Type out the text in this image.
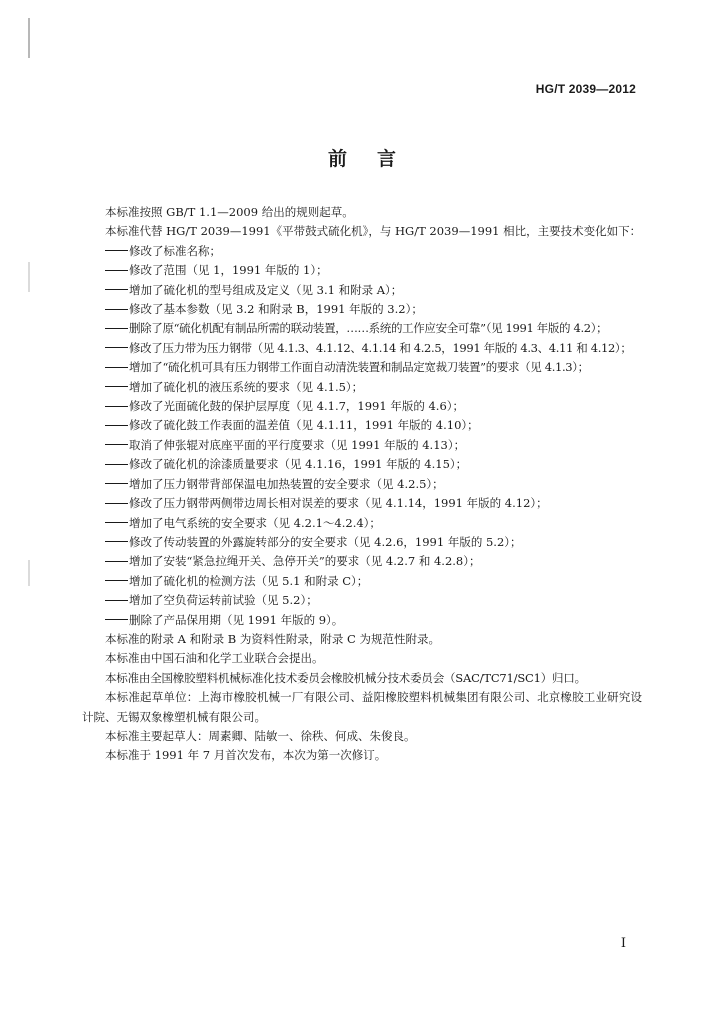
HG/T 2039—2012
前 言

本标准按照 GB/T 1.1—2009 给出的规则起草。

本标准代替 HG/T 2039—1991《平带鼓式硫化机》，与 HG/T 2039—1991 相比，主要技术变化如下：

修改了标准名称；

修改了范围（见 1，1991 年版的 1）；

增加了硫化机的型号组成及定义（见 3.1 和附录 A）；

修改了基本参数（见 3.2 和附录 B，1991 年版的 3.2）；

删除了原“硫化机配有制品所需的联动装置，……系统的工作应安全可靠”（见 1991 年版的 4.2）；

修改了压力带为压力钢带（见 4.1.3、4.1.12、4.1.14 和 4.2.5，1991 年版的 4.3、4.11 和 4.12）；

增加了“硫化机可具有压力钢带工作面自动清洗装置和制品定宽裁刀装置”的要求（见 4.1.3）；

增加了硫化机的液压系统的要求（见 4.1.5）；

修改了光面硫化鼓的保护层厚度（见 4.1.7，1991 年版的 4.6）；

修改了硫化鼓工作表面的温差值（见 4.1.11，1991 年版的 4.10）；

取消了伸张辊对底座平面的平行度要求（见 1991 年版的 4.13）；

修改了硫化机的涂漆质量要求（见 4.1.16，1991 年版的 4.15）；

增加了压力钢带背部保温电加热装置的安全要求（见 4.2.5）；

修改了压力钢带两侧带边周长相对误差的要求（见 4.1.14，1991 年版的 4.12）；

增加了电气系统的安全要求（见 4.2.1～4.2.4）；

修改了传动装置的外露旋转部分的安全要求（见 4.2.6，1991 年版的 5.2）；

增加了安装“紧急拉绳开关、急停开关”的要求（见 4.2.7 和 4.2.8）；

增加了硫化机的检测方法（见 5.1 和附录 C）；

增加了空负荷运转前试验（见 5.2）；

删除了产品保用期（见 1991 年版的 9）。

本标准的附录 A 和附录 B 为资料性附录，附录 C 为规范性附录。

本标准由中国石油和化学工业联合会提出。

本标准由全国橡胶塑料机械标准化技术委员会橡胶机械分技术委员会（SAC/TC71/SC1）归口。

本标准起草单位：上海市橡胶机械一厂有限公司、益阳橡胶塑料机械集团有限公司、北京橡胶工业研究设计院、无锡双象橡塑机械有限公司。

本标准主要起草人：周素卿、陆敏一、徐秩、何成、朱俊良。

本标准于 1991 年 7 月首次发布，本次为第一次修订。

I
